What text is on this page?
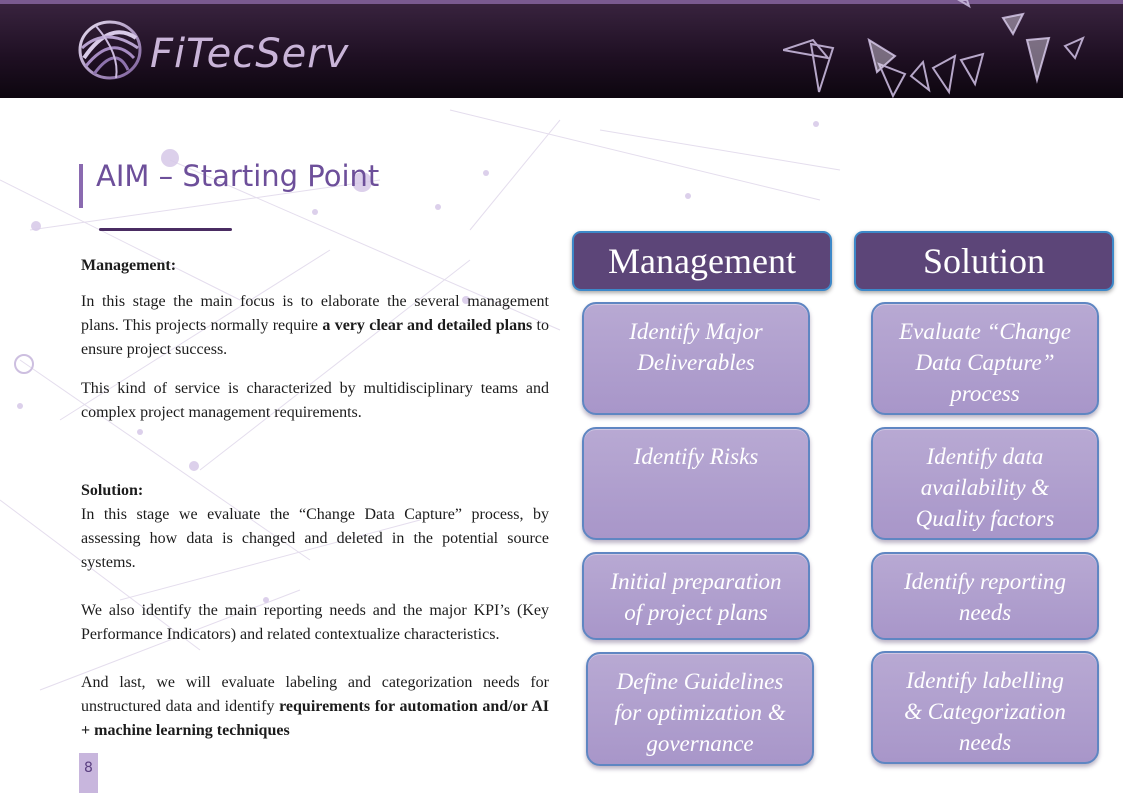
FiTecServ
AIM – Starting Point

Management:

In this stage the main focus is to elaborate the several management plans. This projects normally require a very clear and detailed plans to ensure project success.

This kind of service is characterized by multidisciplinary teams and complex project management requirements.

Solution:

In this stage we evaluate the “Change Data Capture” process, by assessing how data is changed and deleted in the potential source systems.

We also identify the main reporting needs and the major KPI’s (Key Performance Indicators) and related contextualize characteristics.

And last, we will evaluate labeling and categorization needs for unstructured data and identify requirements for automation and/or AI + machine learning techniques

8
Management	Solution
Identify Major
Deliverables
Identify Risks
Initial preparation
of project plans
Define Guidelines
for optimization &
governance
Evaluate “Change
Data Capture”
process
Identify data
availability &
Quality factors
Identify reporting
needs
Identify labelling
& Categorization
needs
